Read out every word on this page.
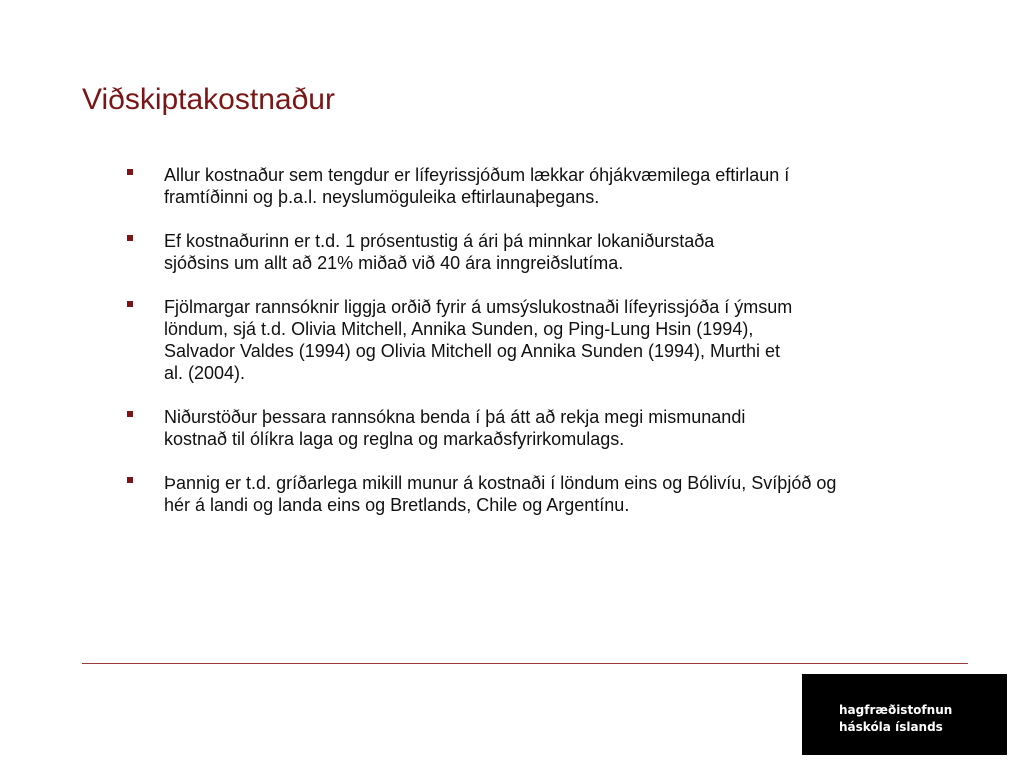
Viðskiptakostnaður
Allur kostnaður sem tengdur er lífeyrissjóðum lækkar óhjákvæmilega eftirlaun í framtíðinni og þ.a.l. neyslumöguleika eftirlaunaþegans.
Ef kostnaðurinn er t.d. 1 prósentustig á ári þá minnkar lokaniðurstaða sjóðsins um allt að 21% miðað við 40 ára inngreiðslutíma.
Fjölmargar rannsóknir liggja orðið fyrir á umsýslukostnaði lífeyrissjóða í ýmsum löndum, sjá t.d. Olivia Mitchell, Annika Sunden, og Ping-Lung Hsin (1994), Salvador Valdes (1994) og Olivia Mitchell og Annika Sunden (1994), Murthi et al. (2004).
Niðurstöður þessara rannsókna benda í þá átt að rekja megi mismunandi kostnað til ólíkra laga og reglna og markaðsfyrirkomulags.
Þannig er t.d. gríðarlega mikill munur á kostnaði í löndum eins og Bólivíu, Svíþjóð og hér á landi og landa eins og Bretlands, Chile og Argentínu.
hagfræðistofnun
háskóla íslands
